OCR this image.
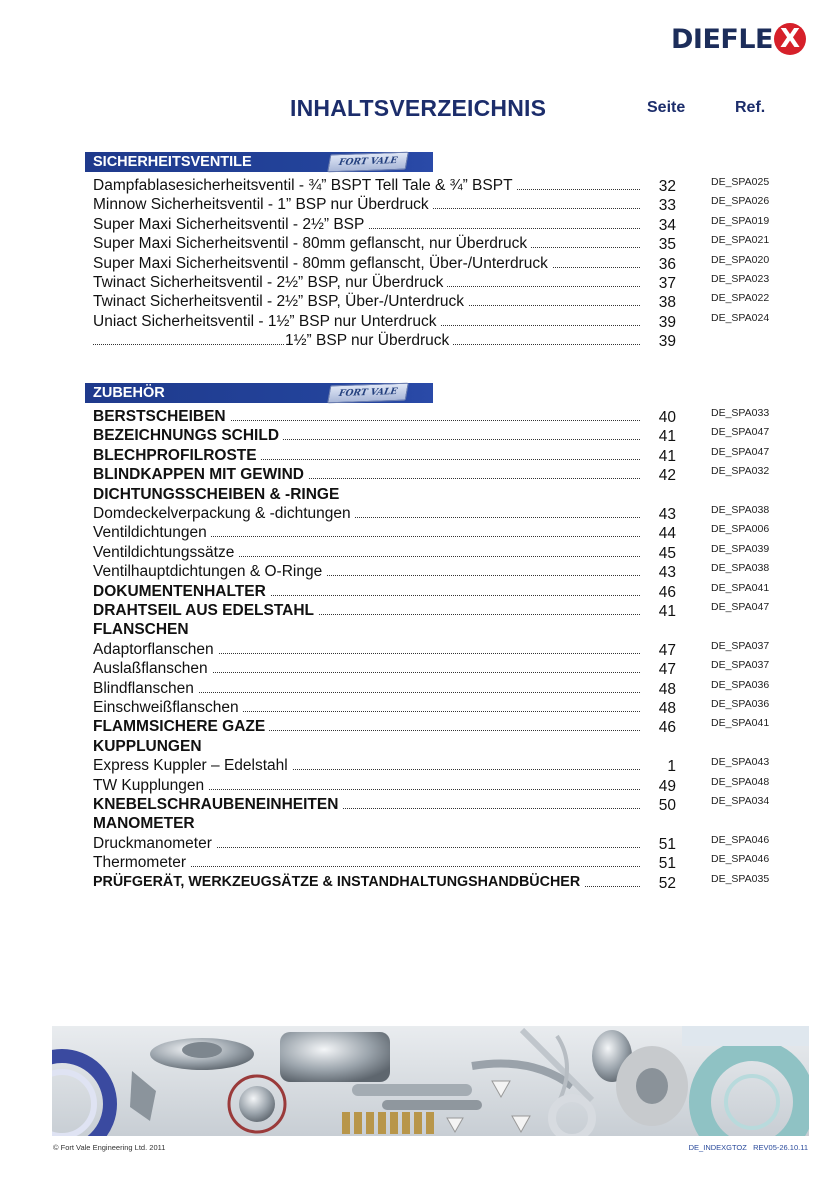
DIEFLE X
INHALTSVERZEICHNIS	Seite	Ref.
SICHERHEITSVENTILE	FORT VALE
Dampfablasesicherheitsventil - ¾” BSPT Tell Tale & ¾” BSPT	32	DE_SPA025
Minnow Sicherheitsventil - 1” BSP nur Überdruck	33	DE_SPA026
Super Maxi Sicherheitsventil - 2½” BSP	34	DE_SPA019
Super Maxi Sicherheitsventil - 80mm geflanscht, nur Überdruck	35	DE_SPA021
Super Maxi Sicherheitsventil - 80mm geflanscht, Über-/Unterdruck	36	DE_SPA020
Twinact Sicherheitsventil - 2½” BSP, nur Überdruck	37	DE_SPA023
Twinact Sicherheitsventil - 2½” BSP, Über-/Unterdruck	38	DE_SPA022
Uniact Sicherheitsventil - 1½” BSP nur Unterdruck	39	DE_SPA024
1½” BSP nur Überdruck	39
ZUBEHÖR	FORT VALE
BERSTSCHEIBEN	40	DE_SPA033
BEZEICHNUNGS SCHILD	41	DE_SPA047
BLECHPROFILROSTE	41	DE_SPA047
BLINDKAPPEN MIT GEWIND	42	DE_SPA032
DICHTUNGSSCHEIBEN & -RINGE
Domdeckelverpackung & -dichtungen	43	DE_SPA038
Ventildichtungen	44	DE_SPA006
Ventildichtungssätze	45	DE_SPA039
Ventilhauptdichtungen & O-Ringe	43	DE_SPA038
DOKUMENTENHALTER	46	DE_SPA041
DRAHTSEIL AUS EDELSTAHL	41	DE_SPA047
FLANSCHEN
Adaptorflanschen	47	DE_SPA037
Auslaßflanschen	47	DE_SPA037
Blindflanschen	48	DE_SPA036
Einschweißflanschen	48	DE_SPA036
FLAMMSICHERE GAZE	46	DE_SPA041
KUPPLUNGEN
Express Kuppler – Edelstahl	1	DE_SPA043
TW Kupplungen	49	DE_SPA048
KNEBELSCHRAUBENEINHEITEN	50	DE_SPA034
MANOMETER
Druckmanometer	51	DE_SPA046
Thermometer	51	DE_SPA046
PRÜFGERÄT, WERKZEUGSÄTZE & INSTANDHALTUNGSHANDBÜCHER	52	DE_SPA035
© Fort Vale Engineering Ltd. 2011	DE_INDEXGTOZ   REV05-26.10.11
